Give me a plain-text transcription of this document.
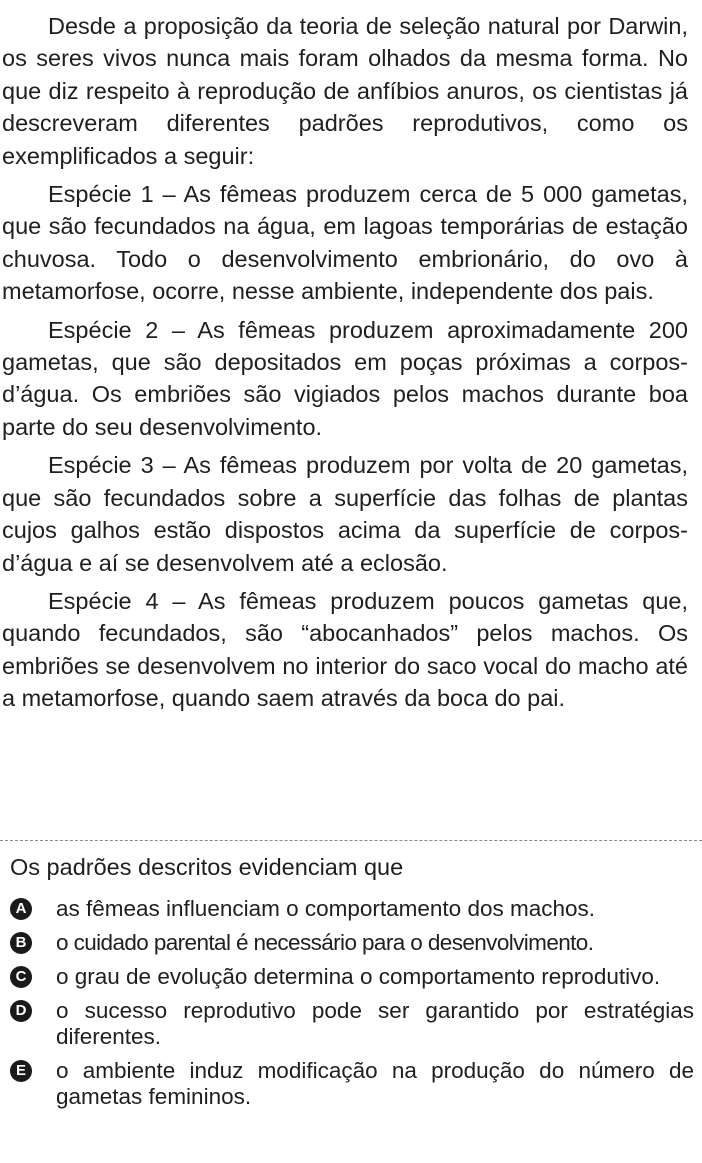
Desde a proposição da teoria de seleção natural por Darwin, os seres vivos nunca mais foram olhados da mesma forma. No que diz respeito à reprodução de anfíbios anuros, os cientistas já descreveram diferentes padrões reprodutivos, como os exemplificados a seguir:

Espécie 1 – As fêmeas produzem cerca de 5 000 gametas, que são fecundados na água, em lagoas temporárias de estação chuvosa. Todo o desenvolvimento embrionário, do ovo à metamorfose, ocorre, nesse ambiente, independente dos pais.

Espécie 2 – As fêmeas produzem aproximadamente 200 gametas, que são depositados em poças próximas a corpos-d’água. Os embriões são vigiados pelos machos durante boa parte do seu desenvolvimento.

Espécie 3 – As fêmeas produzem por volta de 20 gametas, que são fecundados sobre a superfície das folhas de plantas cujos galhos estão dispostos acima da superfície de corpos-d’água e aí se desenvolvem até a eclosão.

Espécie 4 – As fêmeas produzem poucos gametas que, quando fecundados, são “abocanhados” pelos machos. Os embriões se desenvolvem no interior do saco vocal do macho até a metamorfose, quando saem através da boca do pai.

Os padrões descritos evidenciam que

A as fêmeas influenciam o comportamento dos machos.
B o cuidado parental é necessário para o desenvolvimento.
C o grau de evolução determina o comportamento reprodutivo.
D o sucesso reprodutivo pode ser garantido por estratégias diferentes.
E o ambiente induz modificação na produção do número de gametas femininos.
